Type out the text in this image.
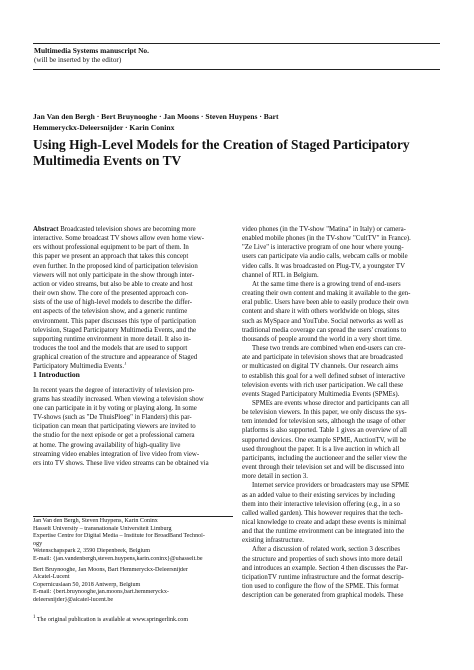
Multimedia Systems manuscript No.
(will be inserted by the editor)
Jan Van den Bergh · Bert Bruynooghe · Jan Moons · Steven Huypens · Bart
Hemmeryckx-Deleersnijder · Karin Coninx
Using High-Level Models for the Creation of Staged Participatory
Multimedia Events on TV
Abstract Broadcasted television shows are becoming more
interactive. Some broadcast TV shows allow even home view-
ers without professional equipment to be part of them. In
this paper we present an approach that takes this concept
even further. In the proposed kind of participation television
viewers will not only participate in the show through inter-
action or video streams, but also be able to create and host
their own show. The core of the presented approach con-
sists of the use of high-level models to describe the differ-
ent aspects of the television show, and a generic runtime
environment. This paper discusses this type of participation
television, Staged Participatory Multimedia Events, and the
supporting runtime environment in more detail. It also in-
troduces the tool and the models that are used to support
graphical creation of the structure and appearance of Staged
Participatory Multimedia Events.$^1$
1 Introduction
In recent years the degree of interactivity of television pro-
grams has steadily increased. When viewing a television show
one can participate in it by voting or playing along. In some
TV-shows (such as "De ThuisPloeg" in Flanders) this par-
ticipation can mean that participating viewers are invited to
the studio for the next episode or get a professional camera
at home. The growing availability of high-quality live
streaming video enables integration of live video from view-
ers into TV shows. These live video streams can be obtained via
Jan Van den Bergh, Steven Huypens, Karin Coninx
Hasselt University – transnationale Universiteit Limburg
Expertise Centre for Digital Media – Institute for BroadBand Technol-
ogy
Wetenschapspark 2, 3590 Diepenbeek, Belgium
E-mail: {jan.vandenbergh,steven.huypens,karin.coninx}@uhasselt.be
Bert Bruynooghe, Jan Moons, Bart Hemmeryckx-Deleersnijder
Alcatel-Lucent
Copernicuslaan 50, 2018 Antwerp, Belgium
E-mail: {bert.bruynooghe,jan.moons,bart.hemmeryckx-
deleersnijder}@alcatel-lucent.be
$^1$ The original publication is available at www.springerlink.com
video phones (in the TV-show "Matina" in Italy) or camera-
enabled mobile phones (in the TV-show "CultTV" in France).
"Ze Live" is interactive program of one hour where young-
users can participate via audio calls, webcam calls or mobile
video calls. It was broadcasted on Plug-TV, a youngster TV
channel of RTL in Belgium.
At the same time there is a growing trend of end-users
creating their own content and making it available to the gen-
eral public. Users have been able to easily produce their own
content and share it with others worldwide on blogs, sites
such as MySpace and YouTube. Social networks as well as
traditional media coverage can spread the users' creations to
thousands of people around the world in a very short time.
These two trends are combined when end-users can cre-
ate and participate in television shows that are broadcasted
or multicasted on digital TV channels. Our research aims
to establish this goal for a well defined subset of interactive
television events with rich user participation. We call these
events Staged Participatory Multimedia Events (SPMEs).
SPMEs are events whose director and participants can all
be television viewers. In this paper, we only discuss the sys-
tem intended for television sets, although the usage of other
platforms is also supported. Table 1 gives an overview of all
supported devices. One example SPME, AuctionTV, will be
used throughout the paper. It is a live auction in which all
participants, including the auctioneer and the seller view the
event through their television set and will be discussed into
more detail in section 3.
Internet service providers or broadcasters may use SPME
as an added value to their existing services by including
them into their interactive television offering (e.g., in a so
called walled garden). This however requires that the tech-
nical knowledge to create and adapt these events is minimal
and that the runtime environment can be integrated into the
existing infrastructure.
After a discussion of related work, section 3 describes
the structure and properties of such shows into more detail
and introduces an example. Section 4 then discusses the Par-
ticipationTV runtime infrastructure and the format descrip-
tion used to configure the flow of the SPME. This format
description can be generated from graphical models. These
